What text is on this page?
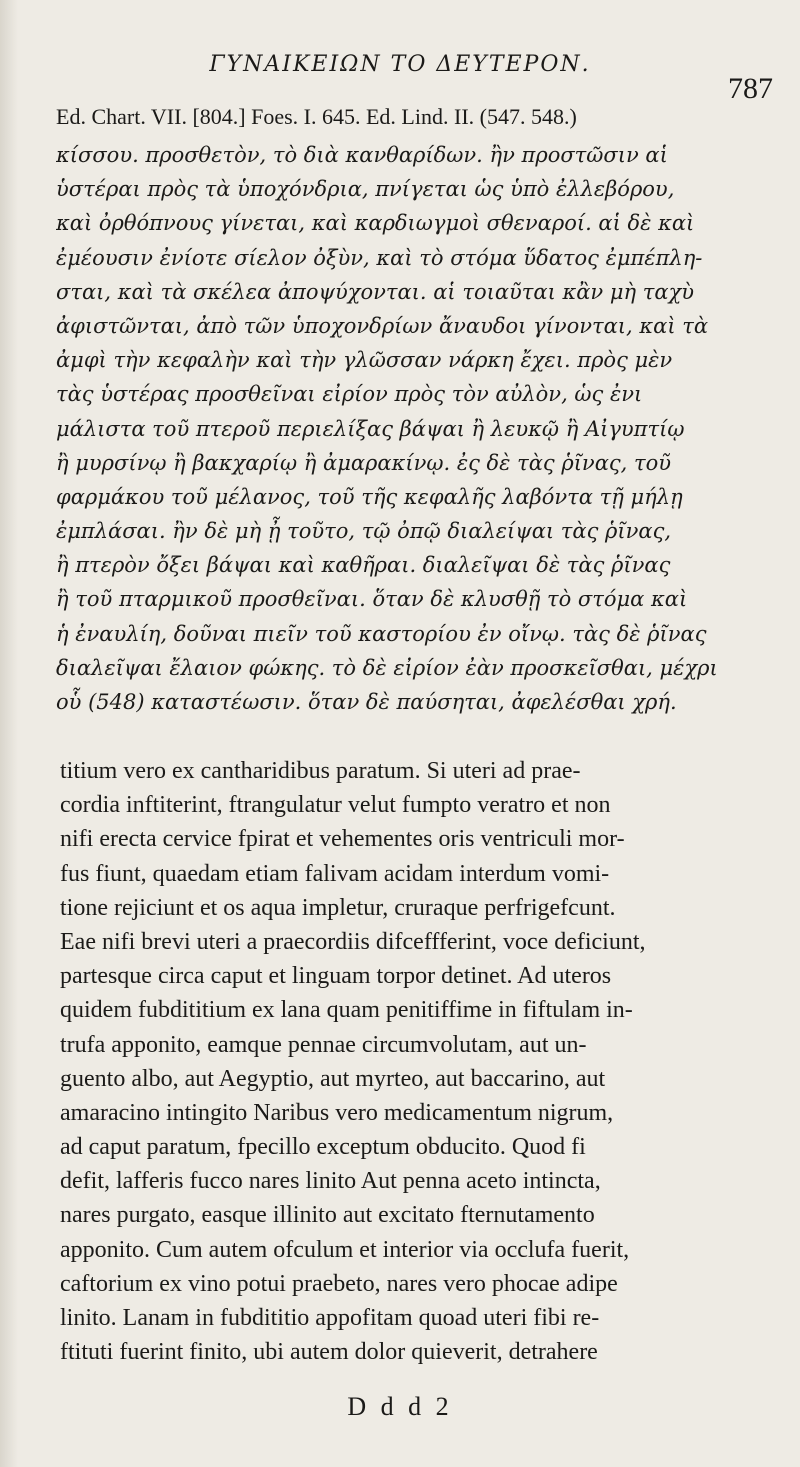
ΓΥΝΑΙΚΕΙΩΝ ΤΟ ΔΕΥΤΕΡΟΝ.
787
Ed. Chart. VII. [804.] Foes. I. 645. Ed. Lind. II. (547. 548.)
κίσσου. προσθετὸν, τὸ διὰ κανθαρίδων. ἢν προστῶσιν αἱ
ὑστέραι πρὸς τὰ ὑποχόνδρια, πνίγεται ὡς ὑπὸ ἐλλεβόρου,
καὶ ὀρθόπνους γίνεται, καὶ καρδιωγμοὶ σθεναροί. αἱ δὲ καὶ
ἐμέουσιν ἐνίοτε σίελον ὀξὺν, καὶ τὸ στόμα ὕδατος ἐμπέπλη-
σται, καὶ τὰ σκέλεα ἀποψύχονται. αἱ τοιαῦται κἂν μὴ ταχὺ
ἀφιστῶνται, ἀπὸ τῶν ὑποχονδρίων ἄναυδοι γίνονται, καὶ τὰ
ἀμφὶ τὴν κεφαλὴν καὶ τὴν γλῶσσαν νάρκη ἔχει. πρὸς μὲν
τὰς ὑστέρας προσθεῖναι εἰρίον πρὸς τὸν αὐλὸν, ὡς ἐνι
μάλιστα τοῦ πτεροῦ περιελίξας βάψαι ἢ λευκῷ ἢ Αἰγυπτίῳ
ἢ μυρσίνῳ ἢ βακχαρίῳ ἢ ἀμαρακίνῳ. ἐς δὲ τὰς ῥῖνας, τοῦ
φαρμάκου τοῦ μέλανος, τοῦ τῆς κεφαλῆς λαβόντα τῇ μήλῃ
ἐμπλάσαι. ἢν δὲ μὴ ᾖ τοῦτο, τῷ ὀπῷ διαλείψαι τὰς ῥῖνας,
ἢ πτερὸν ὄξει βάψαι καὶ καθῆραι. διαλεῖψαι δὲ τὰς ῥῖνας
ἢ τοῦ πταρμικοῦ προσθεῖναι. ὅταν δὲ κλυσθῇ τὸ στόμα καὶ
ἡ ἐναυλίη, δοῦναι πιεῖν τοῦ καστορίου ἐν οἴνῳ. τὰς δὲ ῥῖνας
διαλεῖψαι ἔλαιον φώκης. τὸ δὲ εἰρίον ἐὰν προσκεῖσθαι, μέχρι
οὗ (548) καταστέωσιν. ὅταν δὲ παύσηται, ἀφελέσθαι χρή.
titium vero ex cantharidibus paratum. Si uteri ad prae-
cordia inftiterint, ftrangulatur velut fumpto veratro et non
nifi erecta cervice fpirat et vehementes oris ventriculi mor-
fus fiunt, quaedam etiam falivam acidam interdum vomi-
tione rejiciunt et os aqua impletur, cruraque perfrigefcunt.
Eae nifi brevi uteri a praecordiis difceffferint, voce deficiunt,
partesque circa caput et linguam torpor detinet. Ad uteros
quidem fubdititium ex lana quam penitiffime in fiftulam in-
trufa apponito, eamque pennae circumvolutam, aut un-
guento albo, aut Aegyptio, aut myrteo, aut baccarino, aut
amaracino intingito Naribus vero medicamentum nigrum,
ad caput paratum, fpecillo exceptum obducito. Quod fi
defit, lafferis fucco nares linito Aut penna aceto intincta,
nares purgato, easque illinito aut excitato fternutamento
apponito. Cum autem ofculum et interior via occlufa fuerit,
caftorium ex vino potui praebeto, nares vero phocae adipe
linito. Lanam in fubdititio appofitam quoad uteri fibi re-
ftituti fuerint finito, ubi autem dolor quieverit, detrahere
D d d 2
